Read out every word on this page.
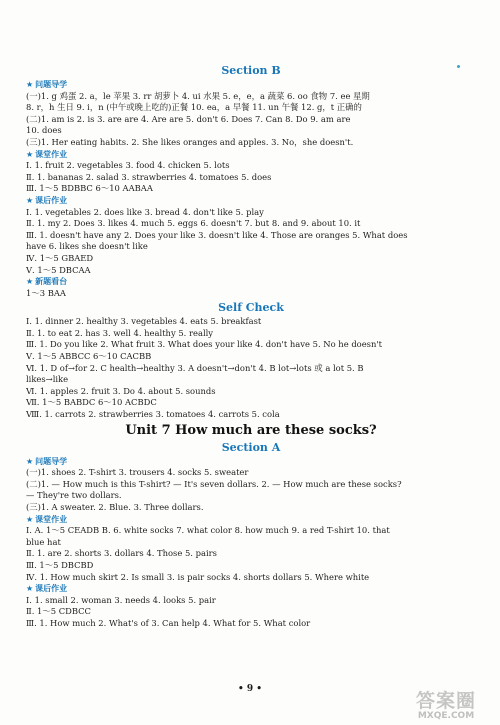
Section B
★ 问题导学
(一)1. g 鸡蛋 2. a，le 苹果 3. rr 胡萝卜 4. ui 水果 5. e，e，a 蔬菜 6. oo 食物 7. ee 星期
8. r，h 生日 9. i，n (中午或晚上吃的)正餐 10. ea，a 早餐 11. un 午餐 12. g，t 正确的
(二)1. am is 2. is 3. are are 4. Are are 5. don't 6. Does 7. Can 8. Do 9. am are
10. does
(三)1. Her eating habits. 2. She likes oranges and apples. 3. No，she doesn't.
★ 课堂作业
Ⅰ. 1. fruit 2. vegetables 3. food 4. chicken 5. lots
Ⅱ. 1. bananas 2. salad 3. strawberries 4. tomatoes 5. does
Ⅲ. 1～5 BDBBC 6～10 AABAA
★ 课后作业
Ⅰ. 1. vegetables 2. does like 3. bread 4. don't like 5. play
Ⅱ. 1. my 2. Does 3. likes 4. much 5. eggs 6. doesn't 7. but 8. and 9. about 10. it
Ⅲ. 1. doesn't have any 2. Does your like 3. doesn't like 4. Those are oranges 5. What does
have 6. likes she doesn't like
Ⅳ. 1～5 GBAED
Ⅴ. 1～5 DBCAA
★ 新题看台
1～3 BAA
Self Check
Ⅰ. 1. dinner 2. healthy 3. vegetables 4. eats 5. breakfast
Ⅱ. 1. to eat 2. has 3. well 4. healthy 5. really
Ⅲ. 1. Do you like 2. What fruit 3. What does your like 4. don't have 5. No he doesn't
Ⅴ. 1～5 ABBCC 6～10 CACBB
Ⅵ. 1. D of→for 2. C health→healthy 3. A doesn't→don't 4. B lot→lots 或 a lot 5. B
likes→like
Ⅵ. 1. apples 2. fruit 3. Do 4. about 5. sounds
Ⅶ. 1～5 BABDC 6～10 ACBDC
Ⅷ. 1. carrots 2. strawberries 3. tomatoes 4. carrots 5. cola
Unit 7 How much are these socks?
Section A
★ 问题导学
(一)1. shoes 2. T-shirt 3. trousers 4. socks 5. sweater
(二)1. — How much is this T-shirt? — It's seven dollars. 2. — How much are these socks?
— They're two dollars.
(三)1. A sweater. 2. Blue. 3. Three dollars.
★ 课堂作业
Ⅰ. A. 1～5 CEADB B. 6. white socks 7. what color 8. how much 9. a red T-shirt 10. that
blue hat
Ⅱ. 1. are 2. shorts 3. dollars 4. Those 5. pairs
Ⅲ. 1～5 DBCBD
Ⅳ. 1. How much skirt 2. Is small 3. is pair socks 4. shorts dollars 5. Where white
★ 课后作业
Ⅰ. 1. small 2. woman 3. needs 4. looks 5. pair
Ⅱ. 1～5 CDBCC
Ⅲ. 1. How much 2. What's of 3. Can help 4. What for 5. What color
• 9 •
答案圈
MXQE.COM
